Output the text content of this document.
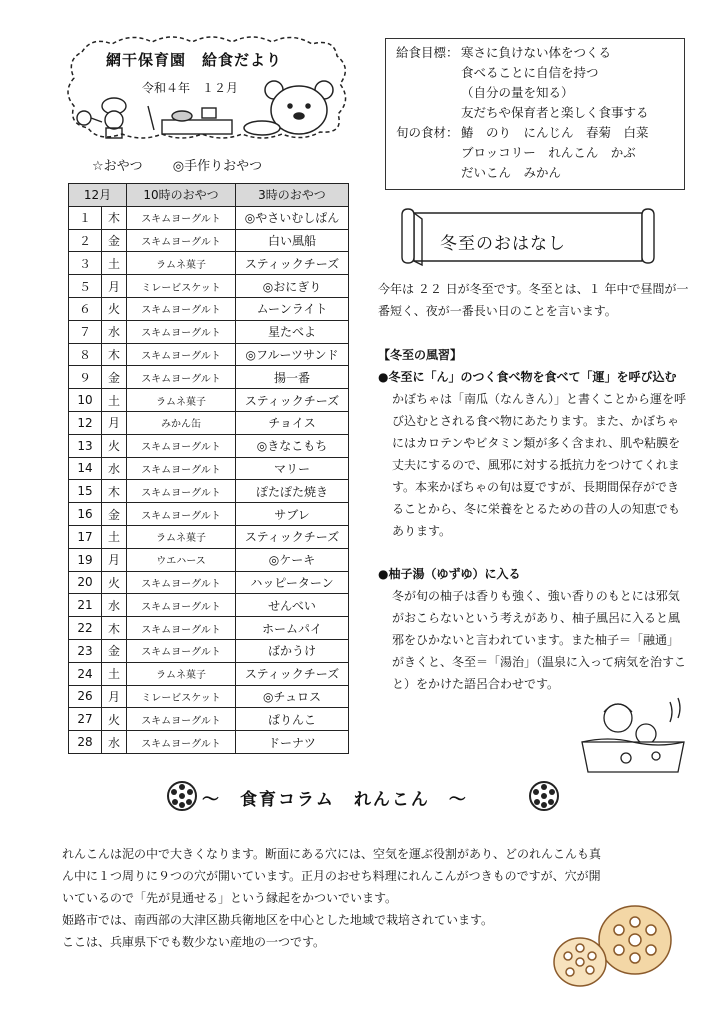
網干保育園　給食だより
令和４年　１２月
☆おやつ ◎手作りおやつ
12月		10時のおやつ	3時のおやつ
１	木	スキムヨーグルト	◎やさいむしぱん
２	金	スキムヨーグルト	白い風船
３	土	ラムネ菓子	スティックチーズ
５	月	ミレービスケット	◎おにぎり
６	火	スキムヨーグルト	ムーンライト
７	水	スキムヨーグルト	星たべよ
８	木	スキムヨーグルト	◎フルーツサンド
９	金	スキムヨーグルト	揚一番
10	土	ラムネ菓子	スティックチーズ
12	月	みかん缶	チョイス
13	火	スキムヨーグルト	◎きなこもち
14	水	スキムヨーグルト	マリー
15	木	スキムヨーグルト	ぽたぽた焼き
16	金	スキムヨーグルト	サブレ
17	土	ラムネ菓子	スティックチーズ
19	月	ウエハース	◎ケーキ
20	火	スキムヨーグルト	ハッピーターン
21	水	スキムヨーグルト	せんべい
22	木	スキムヨーグルト	ホームパイ
23	金	スキムヨーグルト	ばかうけ
24	土	ラムネ菓子	スティックチーズ
26	月	ミレービスケット	◎チュロス
27	火	スキムヨーグルト	ぱりんこ
28	水	スキムヨーグルト	ドーナツ
給食目標： 寒さに負けない体をつくる
食べることに自信を持つ
（自分の量を知る）
友だちや保育者と楽しく食事する
旬の食材： 鰆　のり　にんじん　春菊　白菜
ブロッコリー　れんこん　かぶ
だいこん　みかん
冬至のおはなし
今年は ２２ 日が冬至です。冬至とは、１ 年中で昼間が一
番短く、夜が一番長い日のことを言います。
【冬至の風習】
●冬至に「ん」のつく食べ物を食べて「運」を呼び込む
かぼちゃは「南瓜（なんきん）」と書くことから運を呼
び込むとされる食べ物にあたります。また、かぼちゃ
にはカロテンやビタミン類が多く含まれ、肌や粘膜を
丈夫にするので、風邪に対する抵抗力をつけてくれま
す。本来かぼちゃの旬は夏ですが、長期間保存ができ
ることから、冬に栄養をとるための昔の人の知恵でも
あります。
●柚子湯（ゆずゆ）に入る
冬が旬の柚子は香りも強く、強い香りのもとには邪気
がおこらないという考えがあり、柚子風呂に入ると風
邪をひかないと言われています。また柚子＝「融通」
がきくと、冬至＝「湯治」（温泉に入って病気を治すこ
と）をかけた語呂合わせです。
～　食育コラム　れんこん　～
れんこんは泥の中で大きくなります。断面にある穴には、空気を運ぶ役割があり、どのれんこんも真
ん中に１つ周りに９つの穴が開いています。正月のおせち料理にれんこんがつきものですが、穴が開
いているので「先が見通せる」という縁起をかついでいます。
姫路市では、南西部の大津区勘兵衛地区を中心とした地域で栽培されています。
ここは、兵庫県下でも数少ない産地の一つです。
